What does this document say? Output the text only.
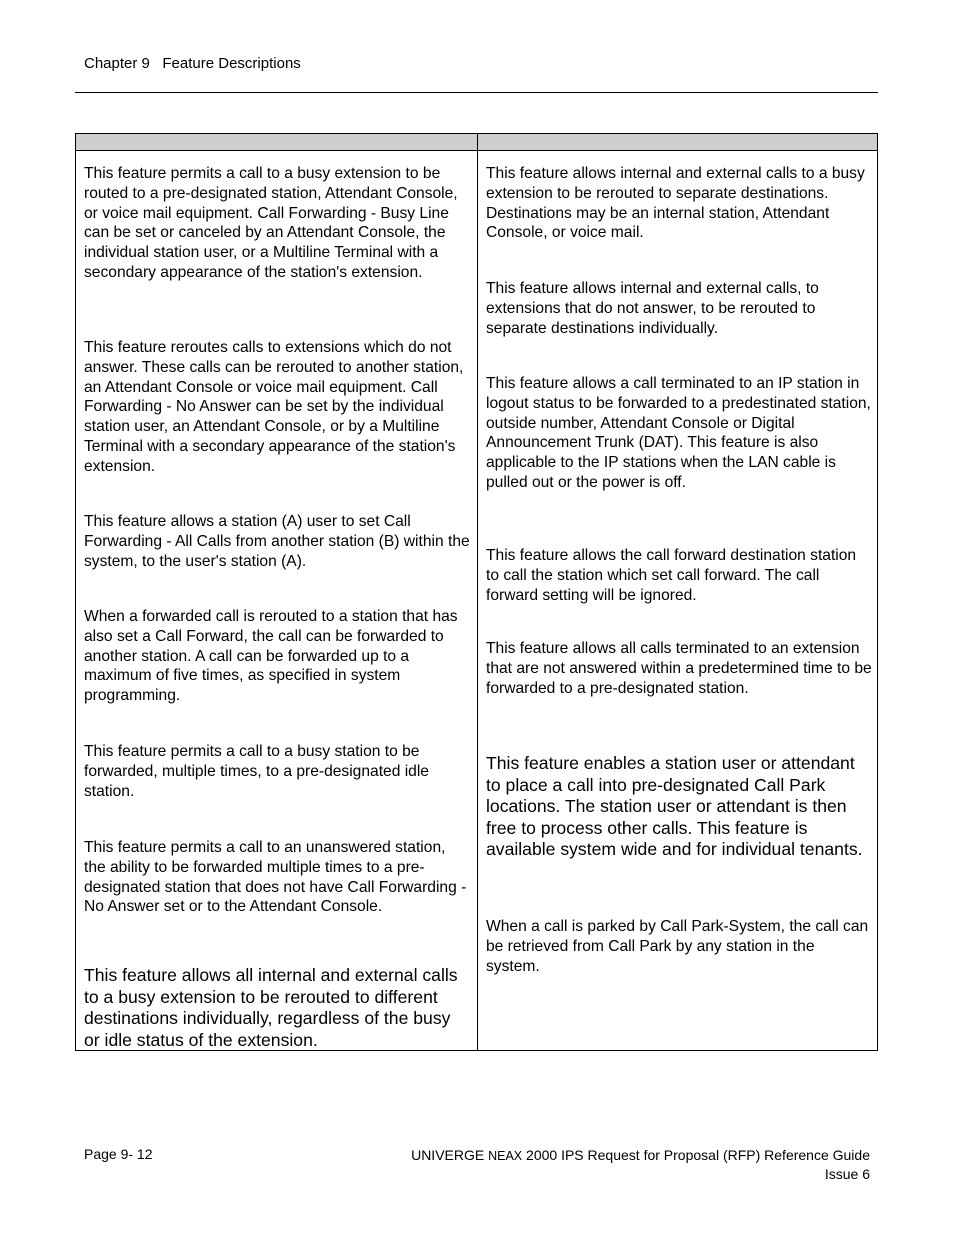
Chapter 9 Feature Descriptions
This feature permits a call to a busy extension to be routed to a pre-designated station, Attendant Console, or voice mail equipment. Call Forwarding - Busy Line can be set or canceled by an Attendant Console, the individual station user, or a Multiline Terminal with a secondary appearance of the station's extension.
This feature reroutes calls to extensions which do not answer. These calls can be rerouted to another station, an Attendant Console or voice mail equipment. Call Forwarding - No Answer can be set by the individual station user, an Attendant Console, or by a Multiline Terminal with a secondary appearance of the station's extension.
This feature allows a station (A) user to set Call Forwarding - All Calls from another station (B) within the system, to the user's station (A).
When a forwarded call is rerouted to a station that has also set a Call Forward, the call can be forwarded to another station. A call can be forwarded up to a maximum of five times, as specified in system programming.
This feature permits a call to a busy station to be forwarded, multiple times, to a pre-designated idle station.
This feature permits a call to an unanswered station, the ability to be forwarded multiple times to a pre-designated station that does not have Call Forwarding - No Answer set or to the Attendant Console.
This feature allows all internal and external calls to a busy extension to be rerouted to different destinations individually, regardless of the busy or idle status of the extension.
This feature allows internal and external calls to a busy extension to be rerouted to separate destinations. Destinations may be an internal station, Attendant Console, or voice mail.
This feature allows internal and external calls, to extensions that do not answer, to be rerouted to separate destinations individually.
This feature allows a call terminated to an IP station in logout status to be forwarded to a predestinated station, outside number, Attendant Console or Digital Announcement Trunk (DAT). This feature is also applicable to the IP stations when the LAN cable is pulled out or the power is off.
This feature allows the call forward destination station to call the station which set call forward. The call forward setting will be ignored.
This feature allows all calls terminated to an extension that are not answered within a predetermined time to be forwarded to a pre-designated station.
This feature enables a station user or attendant to place a call into pre-designated Call Park locations. The station user or attendant is then free to process other calls. This feature is available system wide and for individual tenants.
When a call is parked by Call Park-System, the call can be retrieved from Call Park by any station in the system.
Page 9- 12	UNIVERGE NEAX 2000 IPS Request for Proposal (RFP) Reference Guide
Issue 6
